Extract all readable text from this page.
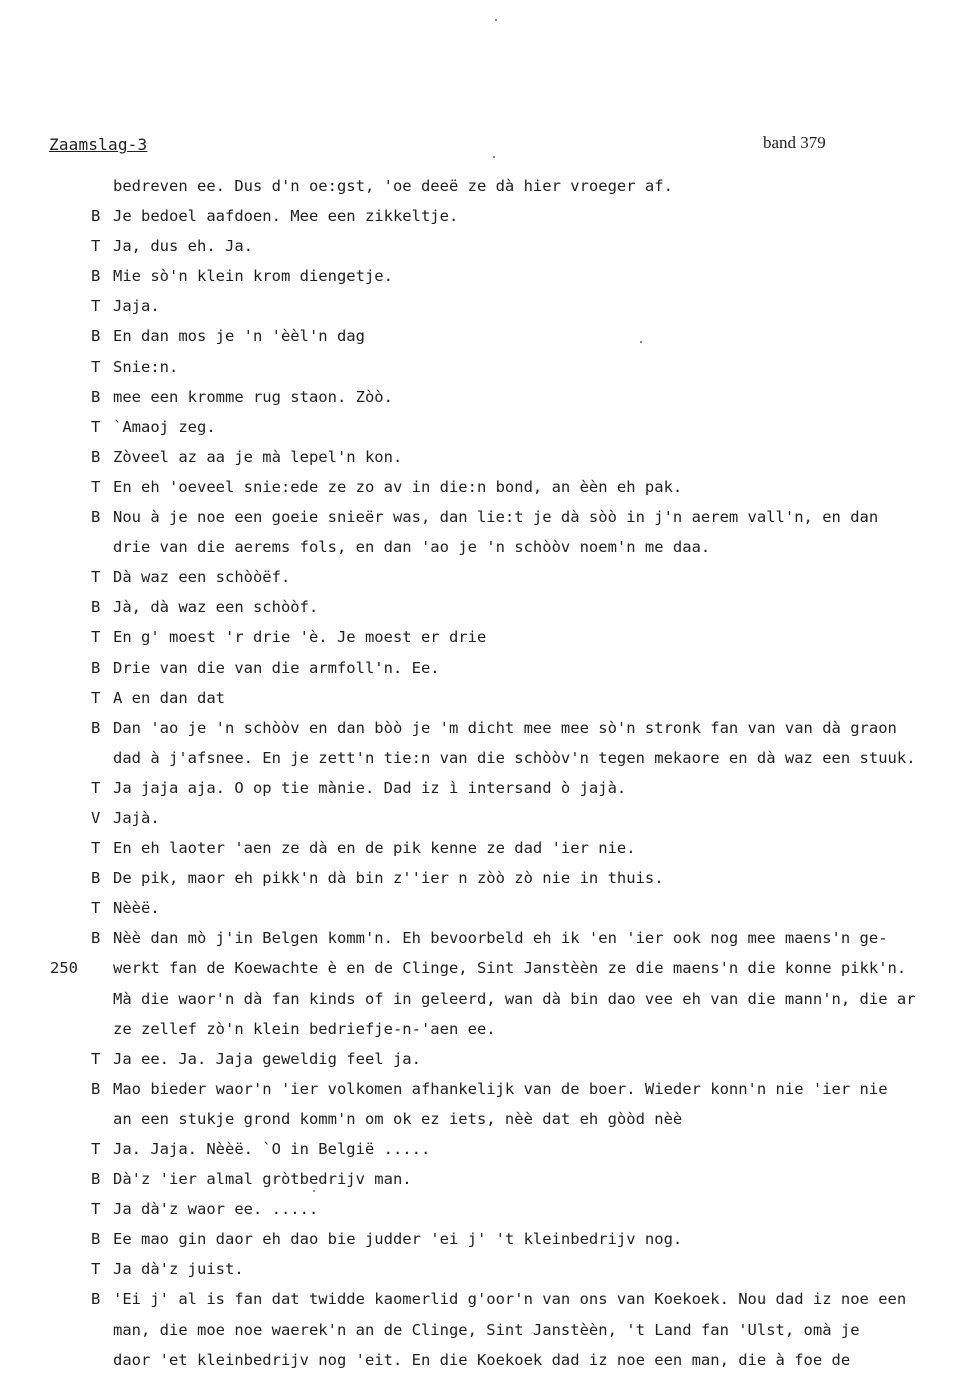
Zaamslag-3	band 379
bedreven ee. Dus d'n oe:gst, 'oe deeë ze dà hier vroeger af.
B Je bedoel aafdoen. Mee een zikkeltje.
T Ja, dus eh. Ja.
B Mie sò'n klein krom diengetje.
T Jaja.
B En dan mos je 'n 'èèl'n dag
T Snie:n.
B mee een kromme rug staon. Zòò.
T `Amaoj zeg.
B Zòveel az aa je mà lepel'n kon.
T En eh 'oeveel snie:ede ze zo av in die:n bond, an èèn eh pak.
B Nou à je noe een goeie snieër was, dan lie:t je dà sòò in j'n aerem vall'n, en dan
drie van die aerems fols, en dan 'ao je 'n schòòv noem'n me daa.
T Dà waz een schòòëf.
B Jà, dà waz een schòòf.
T En g' moest 'r drie 'è. Je moest er drie
B Drie van die van die armfoll'n. Ee.
T A en dan dat
B Dan 'ao je 'n schòòv en dan bòò je 'm dicht mee mee sò'n stronk fan van van dà graon
dad à j'afsnee. En je zett'n tie:n van die schòòv'n tegen mekaore en dà waz een stuuk.
T Ja jaja aja. O op tie mànie. Dad iz ì intersand ò jajà.
V Jajà.
T En eh laoter 'aen ze dà en de pik kenne ze dad 'ier nie.
B De pik, maor eh pikk'n dà bin z''ier n zòò zò nie in thuis.
T Nèèë.
B Nèè dan mò j'in Belgen komm'n. Eh bevoorbeld eh ik 'en 'ier ook nog mee maens'n ge-
250 werkt fan de Koewachte è en de Clinge, Sint Janstèèn ze die maens'n die konne pikk'n.
Mà die waor'n dà fan kinds of in geleerd, wan dà bin dao vee eh van die mann'n, die ar
ze zellef zò'n klein bedriefje-n-'aen ee.
T Ja ee. Ja. Jaja geweldig feel ja.
B Mao bieder waor'n 'ier volkomen afhankelijk van de boer. Wieder konn'n nie 'ier nie
an een stukje grond komm'n om ok ez iets, nèè dat eh gòòd nèè
T Ja. Jaja. Nèèë. `O in België .....
B Dà'z 'ier almal gròtbedrijv man.
T Ja dà'z waor ee. .....
B Ee mao gin daor eh dao bie judder 'ei j' 't kleinbedrijv nog.
T Ja dà'z juist.
B 'Ei j' al is fan dat twidde kaomerlid g'oor'n van ons van Koekoek. Nou dad iz noe een
man, die moe noe waerek'n an de Clinge, Sint Janstèèn, 't Land fan 'Ulst, omà je
daor 'et kleinbedrijv nog 'eit. En die Koekoek dad iz noe een man, die à foe de
